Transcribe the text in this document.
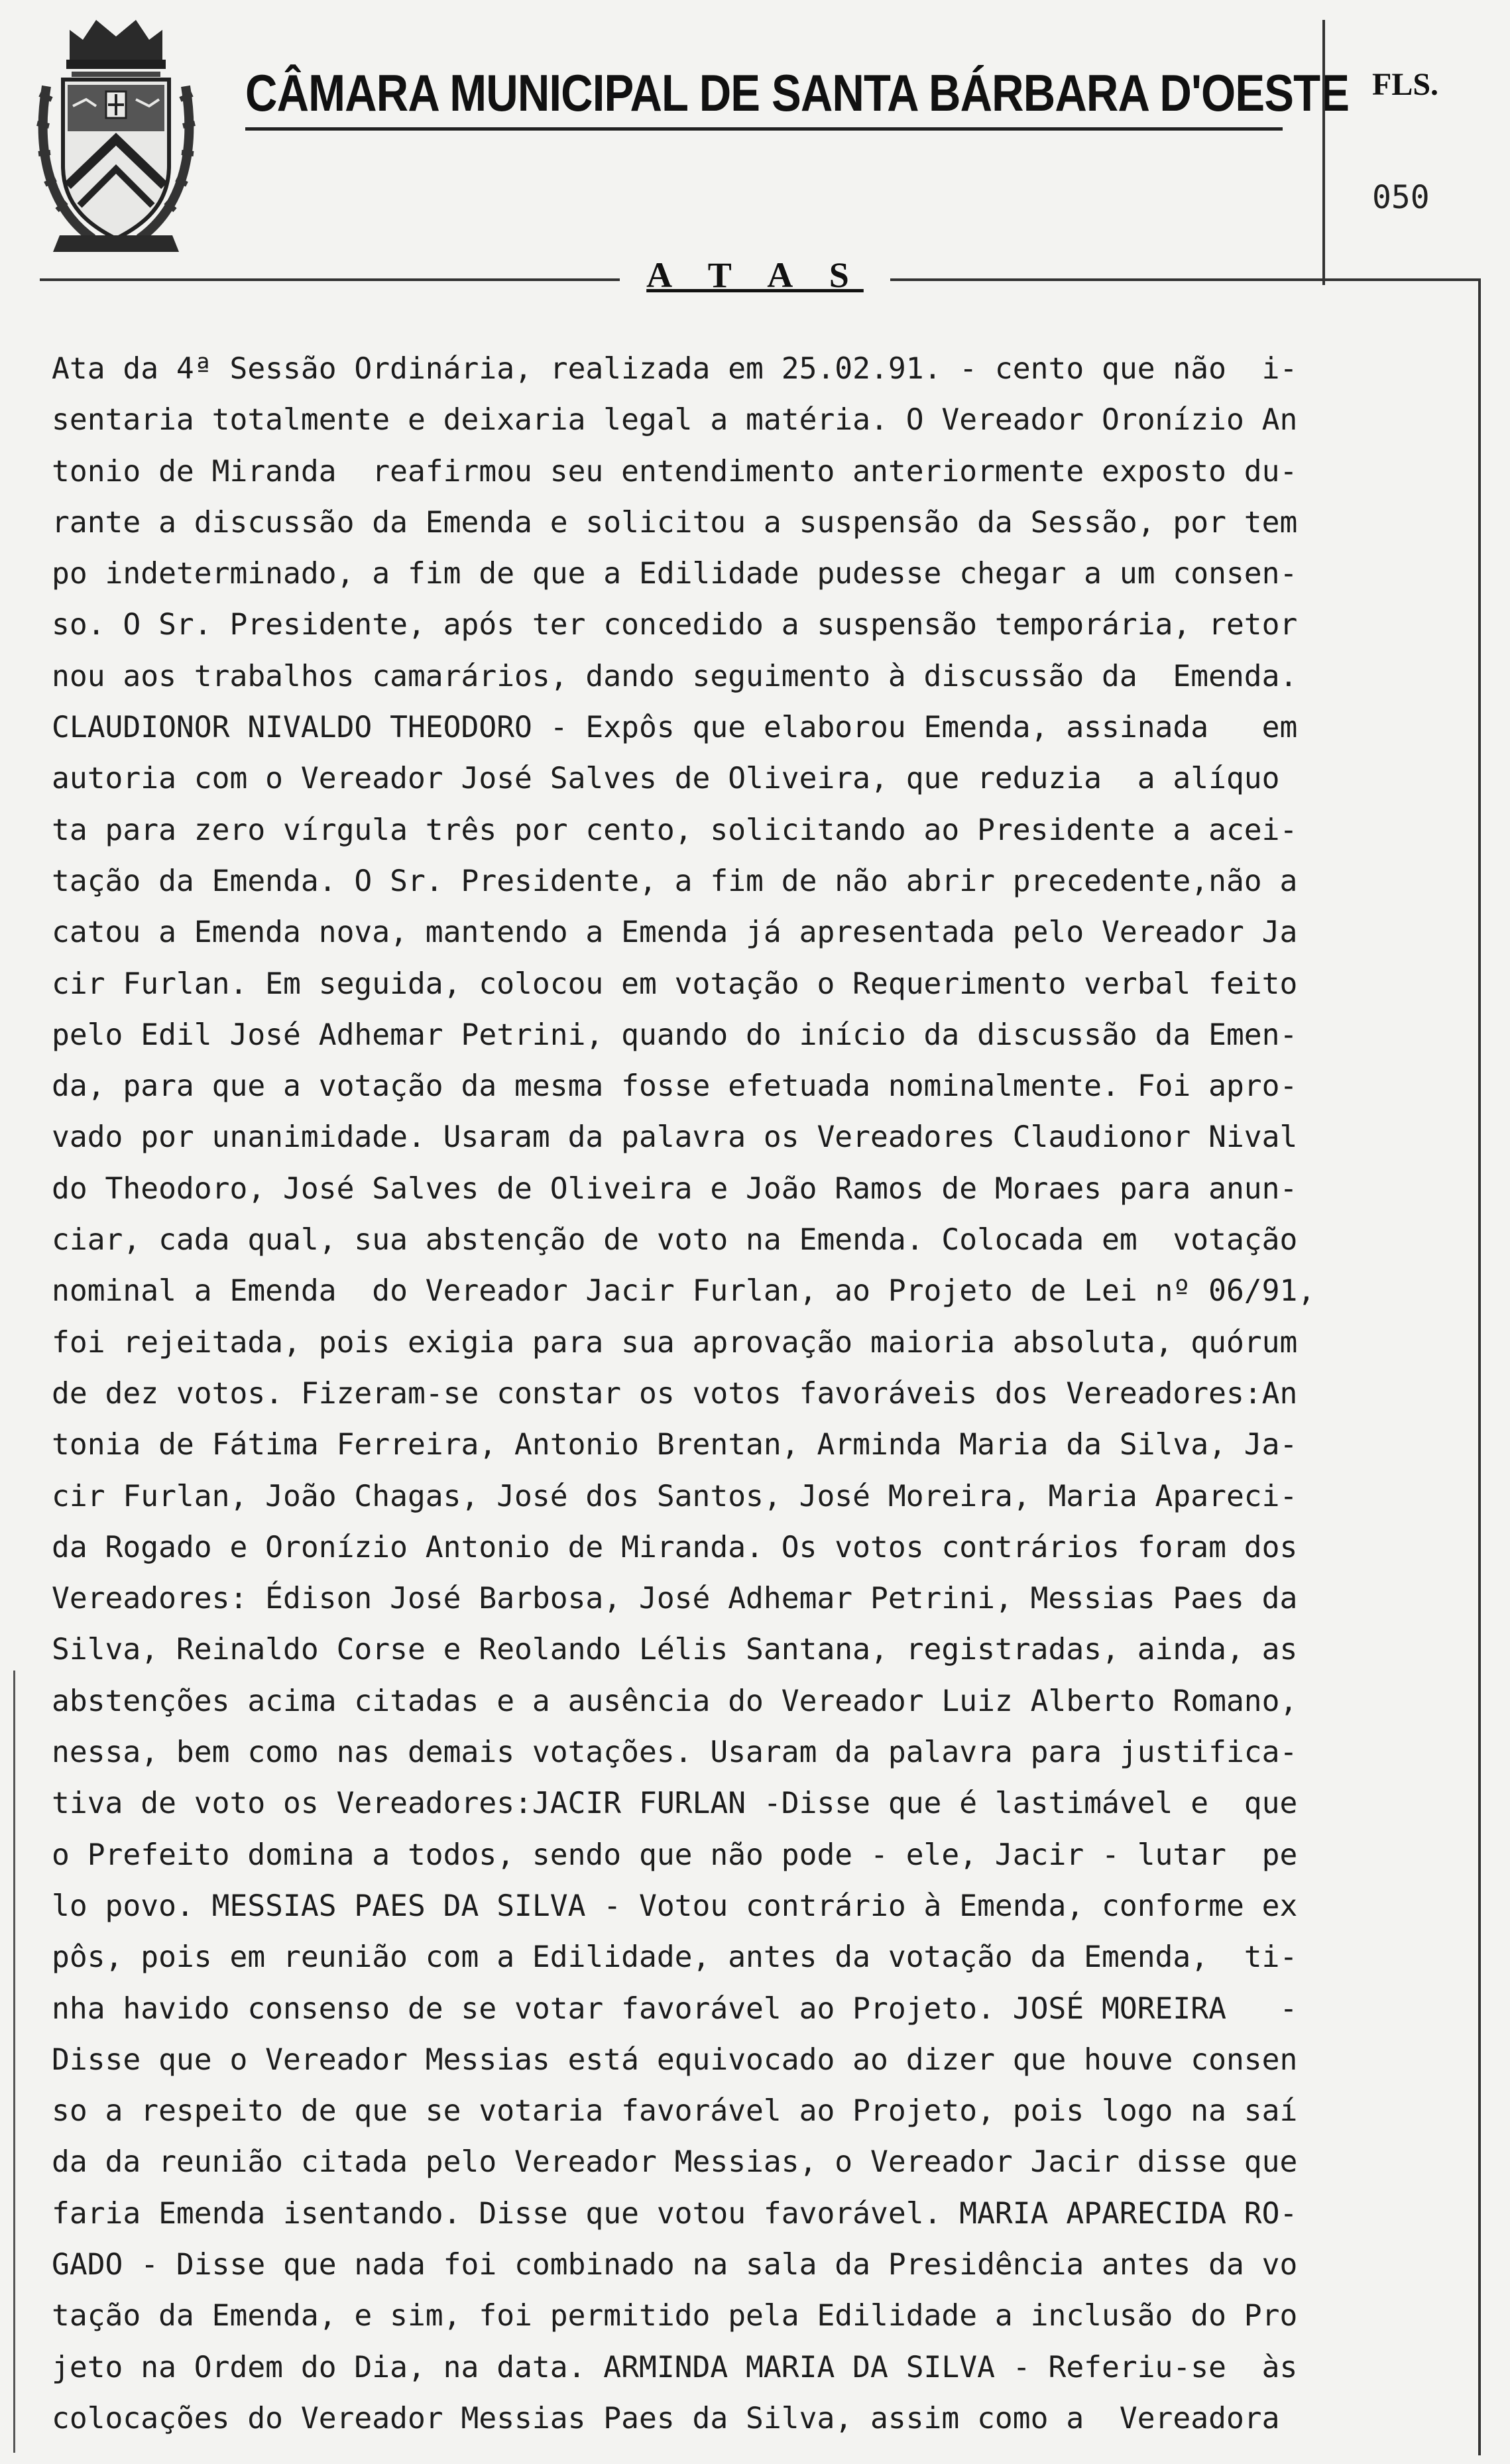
CÂMARA MUNICIPAL DE SANTA BÁRBARA D'OESTE FLS.
050
A T A S
Ata da 4ª Sessão Ordinária, realizada em 25.02.91. - cento que não  i-
sentaria totalmente e deixaria legal a matéria. O Vereador Oronízio An
tonio de Miranda  reafirmou seu entendimento anteriormente exposto du-
rante a discussão da Emenda e solicitou a suspensão da Sessão, por tem
po indeterminado, a fim de que a Edilidade pudesse chegar a um consen-
so. O Sr. Presidente, após ter concedido a suspensão temporária, retor
nou aos trabalhos camarários, dando seguimento à discussão da  Emenda.
CLAUDIONOR NIVALDO THEODORO - Expôs que elaborou Emenda, assinada   em
autoria com o Vereador José Salves de Oliveira, que reduzia  a alíquo
ta para zero vírgula três por cento, solicitando ao Presidente a acei-
tação da Emenda. O Sr. Presidente, a fim de não abrir precedente,não a
catou a Emenda nova, mantendo a Emenda já apresentada pelo Vereador Ja
cir Furlan. Em seguida, colocou em votação o Requerimento verbal feito
pelo Edil José Adhemar Petrini, quando do início da discussão da Emen-
da, para que a votação da mesma fosse efetuada nominalmente. Foi apro-
vado por unanimidade. Usaram da palavra os Vereadores Claudionor Nival
do Theodoro, José Salves de Oliveira e João Ramos de Moraes para anun-
ciar, cada qual, sua abstenção de voto na Emenda. Colocada em  votação
nominal a Emenda  do Vereador Jacir Furlan, ao Projeto de Lei nº 06/91,
foi rejeitada, pois exigia para sua aprovação maioria absoluta, quórum
de dez votos. Fizeram-se constar os votos favoráveis dos Vereadores:An
tonia de Fátima Ferreira, Antonio Brentan, Arminda Maria da Silva, Ja-
cir Furlan, João Chagas, José dos Santos, José Moreira, Maria Apareci-
da Rogado e Oronízio Antonio de Miranda. Os votos contrários foram dos
Vereadores: Édison José Barbosa, José Adhemar Petrini, Messias Paes da
Silva, Reinaldo Corse e Reolando Lélis Santana, registradas, ainda, as
abstenções acima citadas e a ausência do Vereador Luiz Alberto Romano,
nessa, bem como nas demais votações. Usaram da palavra para justifica-
tiva de voto os Vereadores:JACIR FURLAN -Disse que é lastimável e  que
o Prefeito domina a todos, sendo que não pode - ele, Jacir - lutar  pe
lo povo. MESSIAS PAES DA SILVA - Votou contrário à Emenda, conforme ex
pôs, pois em reunião com a Edilidade, antes da votação da Emenda,  ti-
nha havido consenso de se votar favorável ao Projeto. JOSÉ MOREIRA   -
Disse que o Vereador Messias está equivocado ao dizer que houve consen
so a respeito de que se votaria favorável ao Projeto, pois logo na saí
da da reunião citada pelo Vereador Messias, o Vereador Jacir disse que
faria Emenda isentando. Disse que votou favorável. MARIA APARECIDA RO-
GADO - Disse que nada foi combinado na sala da Presidência antes da vo
tação da Emenda, e sim, foi permitido pela Edilidade a inclusão do Pro
jeto na Ordem do Dia, na data. ARMINDA MARIA DA SILVA - Referiu-se  às
colocações do Vereador Messias Paes da Silva, assim como a  Vereadora
